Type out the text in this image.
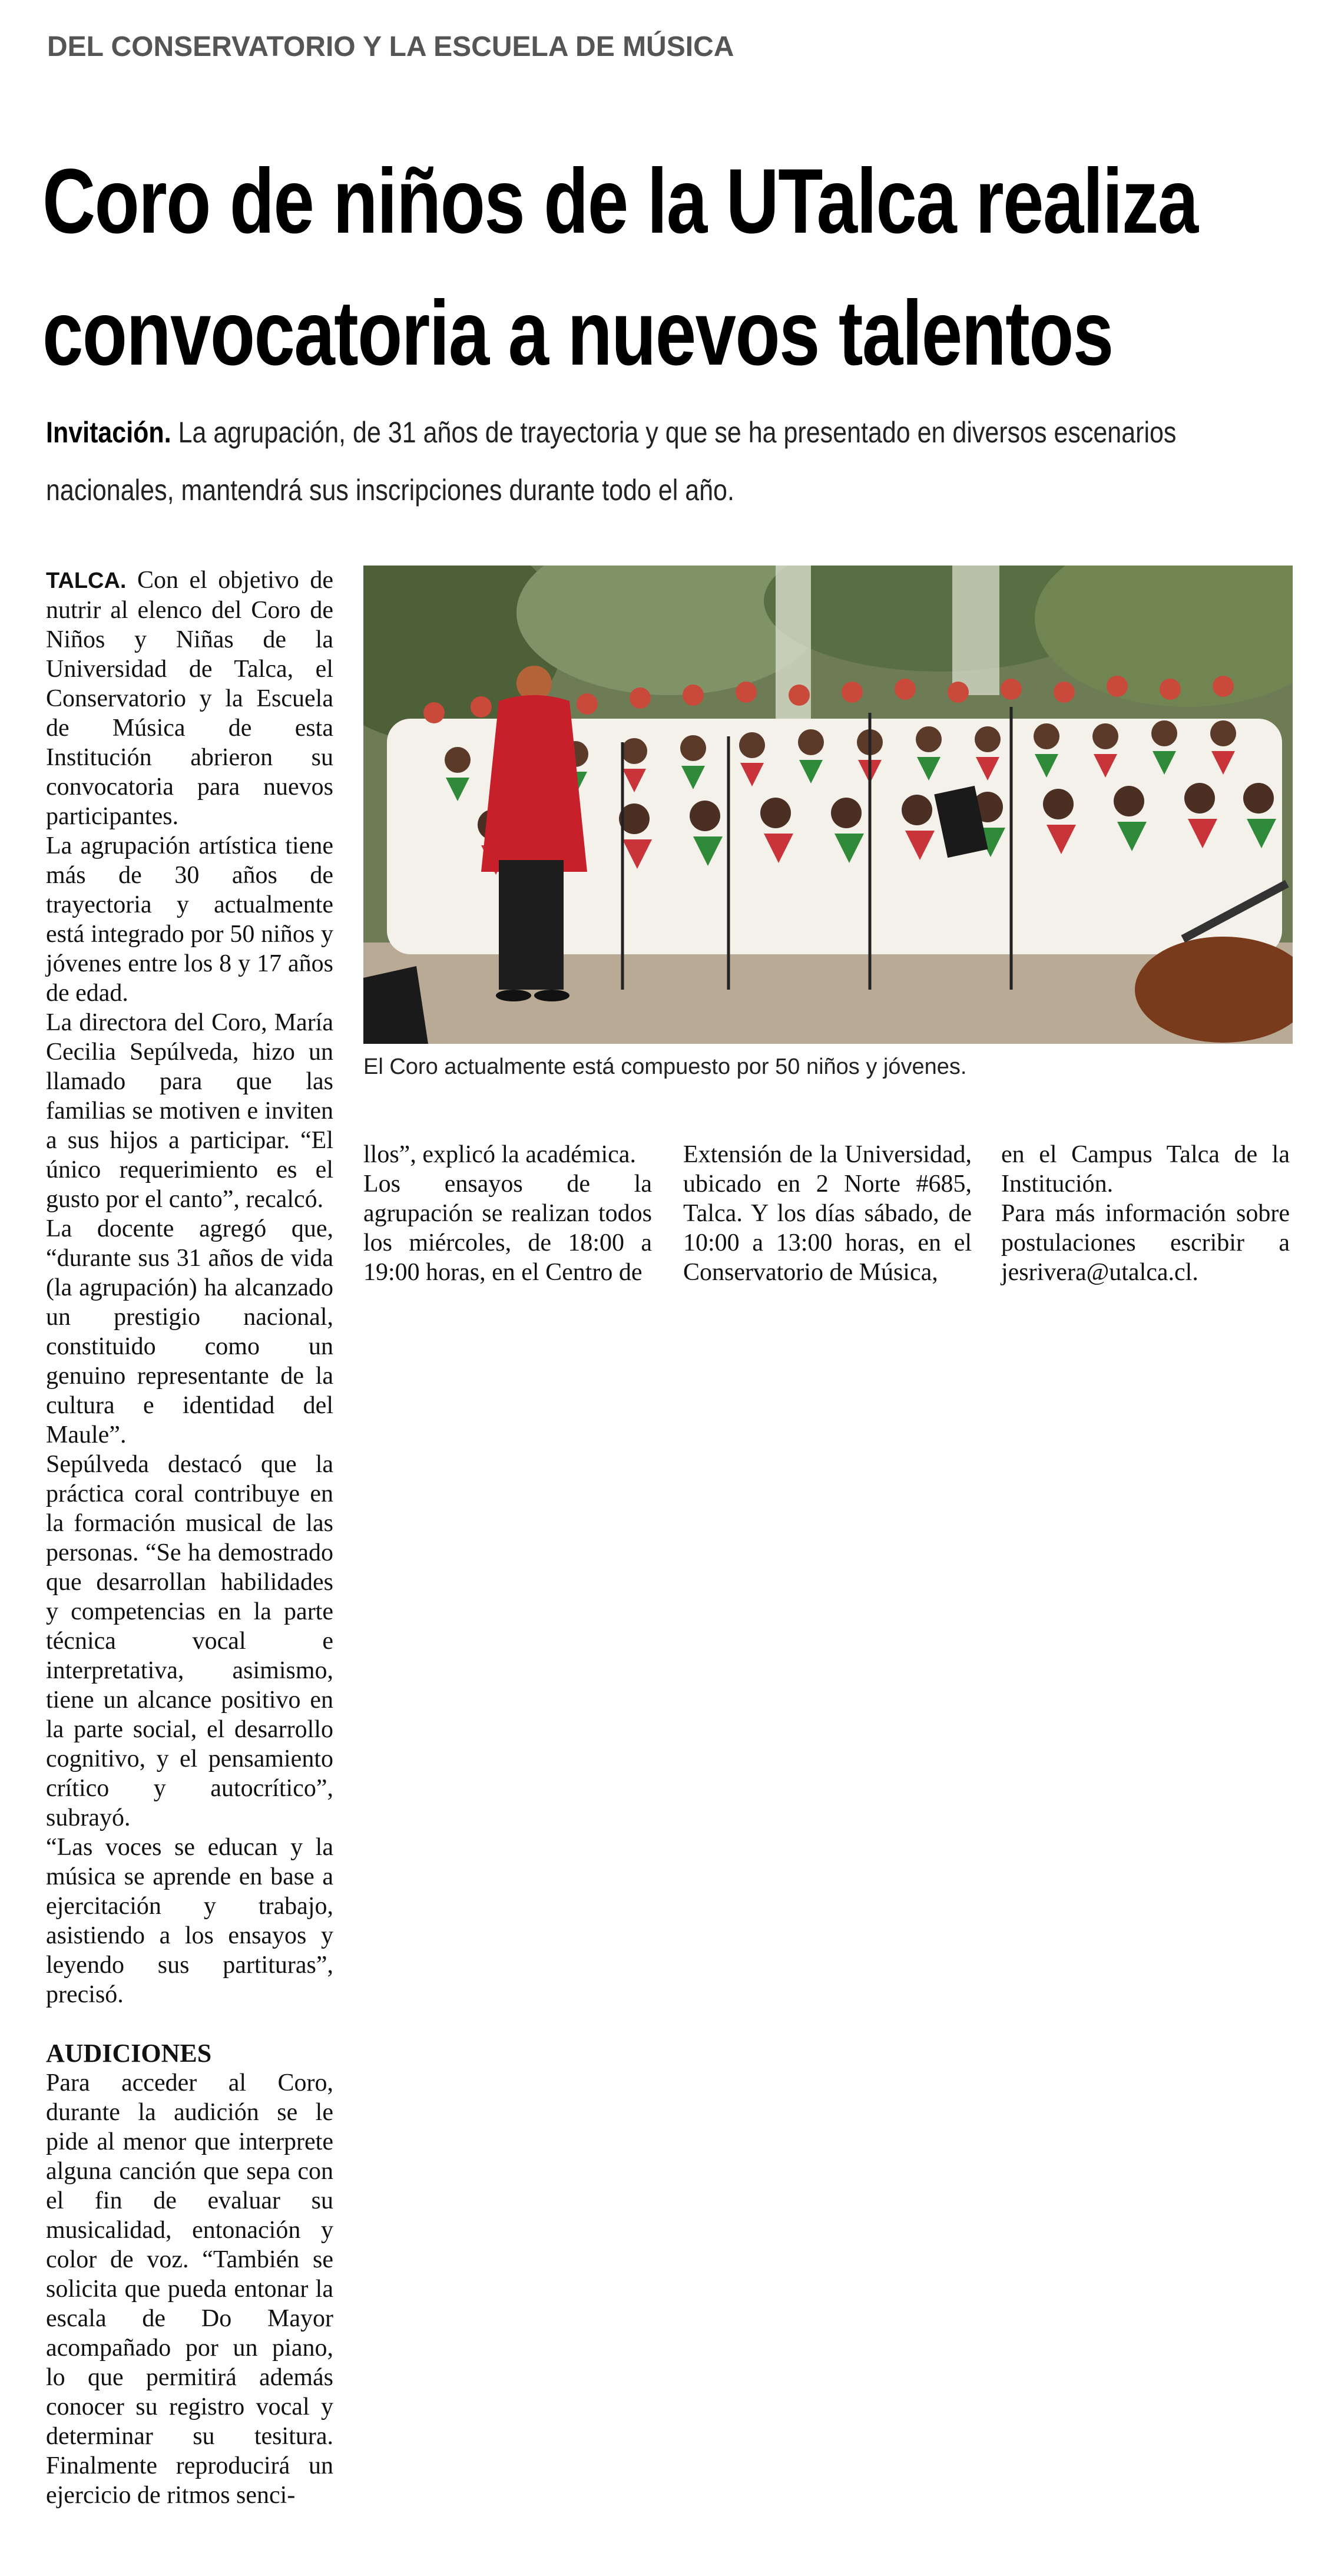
DEL CONSERVATORIO Y LA ESCUELA DE MÚSICA
Coro de niños de la UTalca realiza
convocatoria a nuevos talentos

Invitación. La agrupación, de 31 años de trayectoria y que se ha presentado en diversos escenarios nacionales, mantendrá sus inscripciones durante todo el año.

TALCA. Con el objetivo de nutrir al elenco del Coro de Niños y Niñas de la Universidad de Talca, el Conservatorio y la Escuela de Música de esta Institución abrieron su convocatoria para nuevos participantes.

La agrupación artística tiene más de 30 años de trayectoria y actualmente está integrado por 50 niños y jóvenes entre los 8 y 17 años de edad.

La directora del Coro, María Cecilia Sepúlveda, hizo un llamado para que las familias se motiven e inviten a sus hijos a participar. “El único requerimiento es el gusto por el canto”, recalcó.

La docente agregó que, “durante sus 31 años de vida (la agrupación) ha alcanzado un prestigio nacional, constituido como un genuino representante de la cultura e identidad del Maule”.

Sepúlveda destacó que la práctica coral contribuye en la formación musical de las personas. “Se ha demostrado que desarrollan habilidades y competencias en la parte técnica vocal e interpretativa, asimismo, tiene un alcance positivo en la parte social, el desarrollo cognitivo, y el pensamiento crítico y autocrítico”, subrayó.

“Las voces se educan y la música se aprende en base a ejercitación y trabajo, asistiendo a los ensayos y leyendo sus partituras”, precisó.

AUDICIONES

Para acceder al Coro, durante la audición se le pide al menor que interprete alguna canción que sepa con el fin de evaluar su musicalidad, entonación y color de voz. “También se solicita que pueda entonar la escala de Do Mayor acompañado por un piano, lo que permitirá además conocer su registro vocal y determinar su tesitura. Finalmente reproducirá un ejercicio de ritmos senci-

El Coro actualmente está compuesto por 50 niños y jóvenes.

llos”, explicó la académica.

Los ensayos de la agrupación se realizan todos los miércoles, de 18:00 a 19:00 horas, en el Centro de

Extensión de la Universidad, ubicado en 2 Norte #685, Talca. Y los días sábado, de 10:00 a 13:00 horas, en el Conservatorio de Música,

en el Campus Talca de la Institución.

Para más información sobre postulaciones escribir a jesrivera@utalca.cl.
